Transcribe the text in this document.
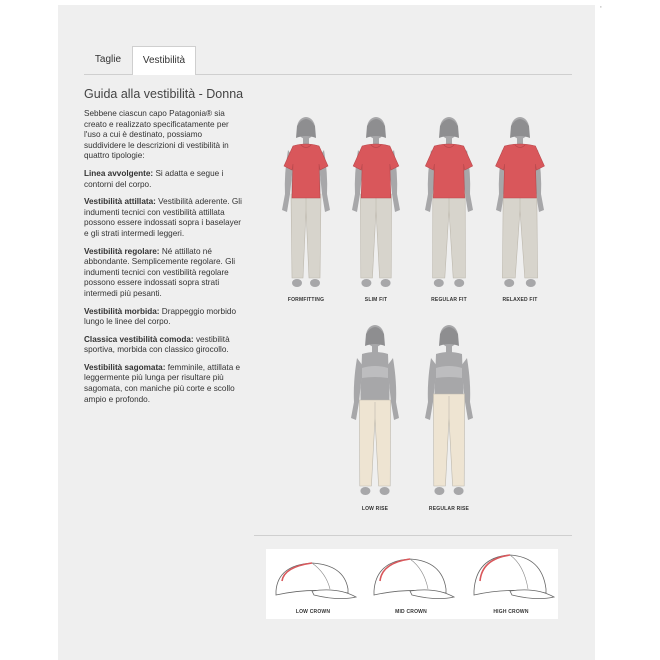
,
Taglie	Vestibilità
Guida alla vestibilità - Donna

Sebbene ciascun capo Patagonia® sia creato e realizzato specificatamente per l'uso a cui è destinato, possiamo suddividere le descrizioni di vestibilità in quattro tipologie:

Linea avvolgente: Si adatta e segue i contorni del corpo.

Vestibilità attillata: Vestibilità aderente. Gli indumenti tecnici con vestibilità attillata possono essere indossati sopra i baselayer e gli strati intermedi leggeri.

Vestibilità regolare: Né attillato né abbondante. Semplicemente regolare. Gli indumenti tecnici con vestibilità regolare possono essere indossati sopra strati intermedi più pesanti.

Vestibilità morbida: Drappeggio morbido lungo le linee del corpo.

Classica vestibilità comoda: vestibilità sportiva, morbida con classico girocollo.

Vestibilità sagomata: femminile, attillata e leggermente più lunga per risultare più sagomata, con maniche più corte e scollo ampio e profondo.

FORMFITTING	SLIM FIT	REGULAR FIT	RELAXED FIT
LOW RISE	REGULAR RISE
LOW CROWN	MID CROWN	HIGH CROWN
